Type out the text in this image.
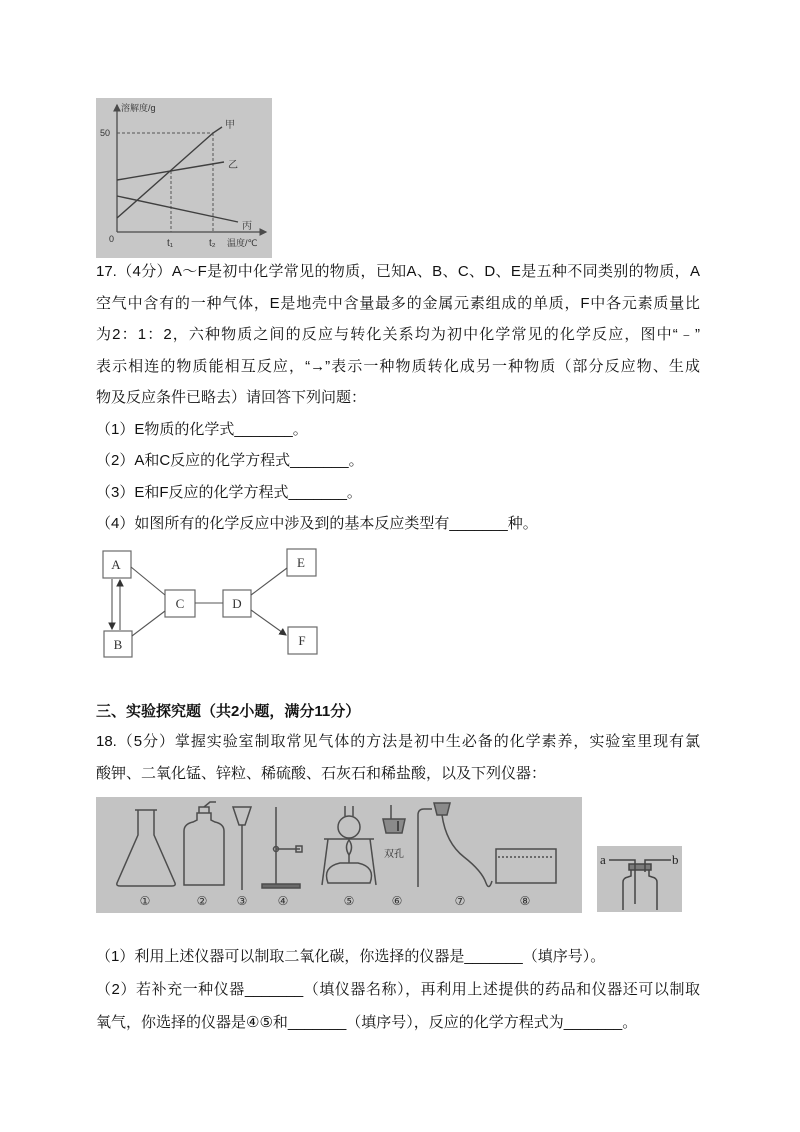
溶解度/g
50
0	t₁	t₂ 温度/℃
甲
乙
丙
17.（4分）A～F是初中化学常见的物质，已知A、B、C、D、E是五种不同类别的物质，A
空气中含有的一种气体，E是地壳中含量最多的金属元素组成的单质，F中各元素质量比
为2：1：2，六种物质之间的反应与转化关系均为初中化学常见的化学反应，图中“﹣”
表示相连的物质能相互反应，“→”表示一种物质转化成另一种物质（部分反应物、生成
物及反应条件已略去）请回答下列问题：
（1）E物质的化学式_______。
（2）A和C反应的化学方程式_______。
（3）E和F反应的化学方程式_______。
（4）如图所有的化学反应中涉及到的基本反应类型有_______种。
A
B
C	D
E
F
三、实验探究题（共2小题，满分11分）
18.（5分）掌握实验室制取常见气体的方法是初中生必备的化学素养，实验室里现有氯
酸钾、二氧化锰、锌粒、稀硫酸、石灰石和稀盐酸，以及下列仪器：
双孔
①	② ③	④	⑤	⑥	⑦	⑧
a	b
（1）利用上述仪器可以制取二氧化碳，你选择的仪器是_______（填序号）。
（2）若补充一种仪器_______（填仪器名称），再利用上述提供的药品和仪器还可以制取
氧气，你选择的仪器是④⑤和_______（填序号），反应的化学方程式为_______。
